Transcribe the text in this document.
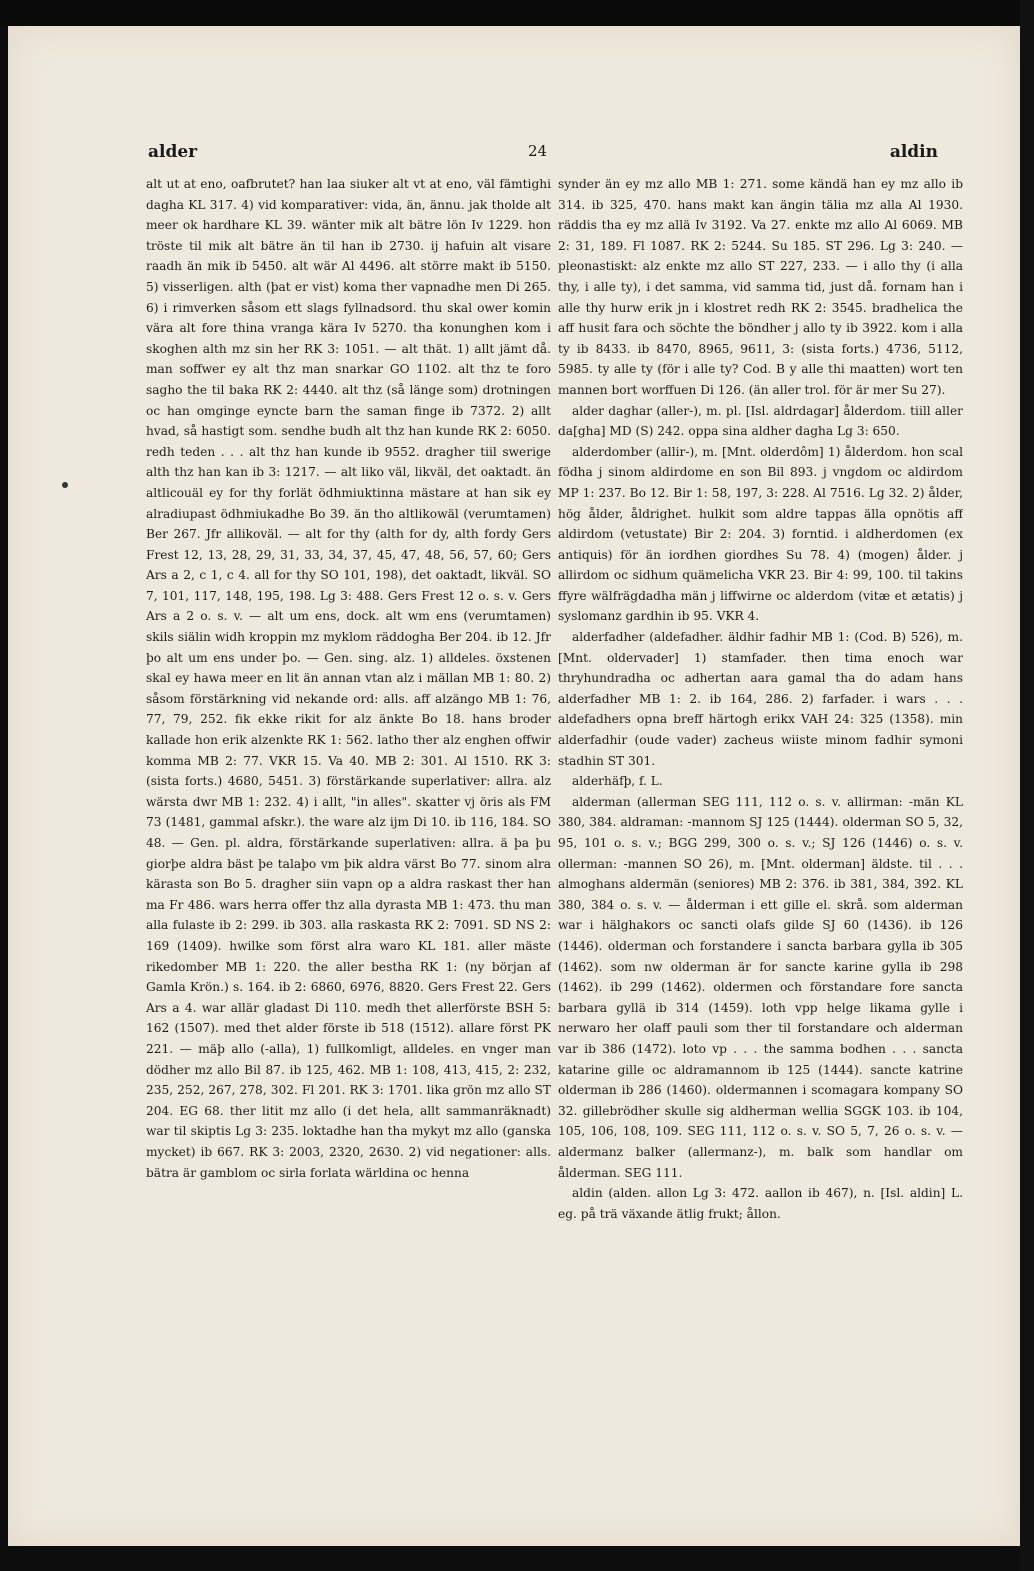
alder	24	aldin

alt ut at eno, oafbrutet? han laa siuker alt vt at eno, väl fämtighi dagha KL 317. 4) vid komparativer: vida, än, ännu. jak tholde alt meer ok hardhare KL 39. wänter mik alt bätre lön Iv 1229. hon tröste til mik alt bätre än til han ib 2730. ij hafuin alt visare raadh än mik ib 5450. alt wär Al 4496. alt större makt ib 5150. 5) visserligen. alth (þat er vist) koma ther vapnadhe men Di 265. 6) i rimverken såsom ett slags fyllnadsord. thu skal ower komin vära alt fore thina vranga kära Iv 5270. tha konunghen kom i skoghen alth mz sin her RK 3: 1051. — alt thät. 1) allt jämt då. man soffwer ey alt thz man snarkar GO 1102. alt thz te foro sagho the til baka RK 2: 4440. alt thz (så länge som) drotningen oc han omginge eyncte barn the saman finge ib 7372. 2) allt hvad, så hastigt som. sendhe budh alt thz han kunde RK 2: 6050. redh teden . . . alt thz han kunde ib 9552. dragher tiil swerige alth thz han kan ib 3: 1217. — alt liko väl, likväl, det oaktadt. än altlicouäl ey for thy forlät ödhmiuktinna mästare at han sik ey alradiupast ödhmiukadhe Bo 39. än tho altlikowäl (verumtamen) Ber 267. Jfr allikoväl. — alt for thy (alth for dy, alth fordy Gers Frest 12, 13, 28, 29, 31, 33, 34, 37, 45, 47, 48, 56, 57, 60; Gers Ars a 2, c 1, c 4. all for thy SO 101, 198), det oaktadt, likväl. SO 7, 101, 117, 148, 195, 198. Lg 3: 488. Gers Frest 12 o. s. v. Gers Ars a 2 o. s. v. — alt um ens, dock. alt wm ens (verumtamen) skils siälin widh kroppin mz myklom räddogha Ber 204. ib 12. Jfr þo alt um ens under þo. — Gen. sing. alz. 1) alldeles. öxstenen skal ey hawa meer en lit än annan vtan alz i mällan MB 1: 80. 2) såsom förstärkning vid nekande ord: alls. aff alzängo MB 1: 76, 77, 79, 252. fik ekke rikit for alz änkte Bo 18. hans broder kallade hon erik alzenkte RK 1: 562. latho ther alz enghen offwir komma MB 2: 77. VKR 15. Va 40. MB 2: 301. Al 1510. RK 3: (sista forts.) 4680, 5451. 3) förstärkande superlativer: allra. alz wärsta dwr MB 1: 232. 4) i allt, "in alles". skatter vj öris als FM 73 (1481, gammal afskr.). the ware alz ijm Di 10. ib 116, 184. SO 48. — Gen. pl. aldra, förstärkande superlativen: allra. ä þa þu giorþe aldra bäst þe talaþo vm þik aldra värst Bo 77. sinom alra kärasta son Bo 5. dragher siin vapn op a aldra raskast ther han ma Fr 486. wars herra offer thz alla dyrasta MB 1: 473. thu man alla fulaste ib 2: 299. ib 303. alla raskasta RK 2: 7091. SD NS 2: 169 (1409). hwilke som först alra waro KL 181. aller mäste rikedomber MB 1: 220. the aller bestha RK 1: (ny början af Gamla Krön.) s. 164. ib 2: 6860, 6976, 8820. Gers Frest 22. Gers Ars a 4. war allär gladast Di 110. medh thet allerförste BSH 5: 162 (1507). med thet alder förste ib 518 (1512). allare först PK 221. — mäþ allo (-alla), 1) fullkomligt, alldeles. en vnger man dödher mz allo Bil 87. ib 125, 462. MB 1: 108, 413, 415, 2: 232, 235, 252, 267, 278, 302. Fl 201. RK 3: 1701. lika grön mz allo ST 204. EG 68. ther litit mz allo (i det hela, allt sammanräknadt) war til skiptis Lg 3: 235. loktadhe han tha mykyt mz allo (ganska mycket) ib 667. RK 3: 2003, 2320, 2630. 2) vid negationer: alls. bätra är gamblom oc sirla forlata wärldina oc henna

synder än ey mz allo MB 1: 271. some kändä han ey mz allo ib 314. ib 325, 470. hans makt kan ängin tälia mz alla Al 1930. räddis tha ey mz allä Iv 3192. Va 27. enkte mz allo Al 6069. MB 2: 31, 189. Fl 1087. RK 2: 5244. Su 185. ST 296. Lg 3: 240. — pleonastiskt: alz enkte mz allo ST 227, 233. — i allo thy (i alla thy, i alle ty), i det samma, vid samma tid, just då. fornam han i alle thy hurw erik jn i klostret redh RK 2: 3545. bradhelica the aff husit fara och söchte the böndher j allo ty ib 3922. kom i alla ty ib 8433. ib 8470, 8965, 9611, 3: (sista forts.) 4736, 5112, 5985. ty alle ty (för i alle ty? Cod. B y alle thi maatten) wort ten mannen bort worffuen Di 126. (än aller trol. för är mer Su 27).

alder daghar (aller-), m. pl. [Isl. aldrdagar] ålderdom. tiill aller da[gha] MD (S) 242. oppa sina aldher dagha Lg 3: 650.

alderdomber (allir-), m. [Mnt. olderdôm] 1) ålderdom. hon scal födha j sinom aldirdome en son Bil 893. j vngdom oc aldirdom MP 1: 237. Bo 12. Bir 1: 58, 197, 3: 228. Al 7516. Lg 32. 2) ålder, hög ålder, åldrighet. hulkit som aldre tappas älla opnötis aff aldirdom (vetustate) Bir 2: 204. 3) forntid. i aldherdomen (ex antiquis) för än iordhen giordhes Su 78. 4) (mogen) ålder. j allirdom oc sidhum quämelicha VKR 23. Bir 4: 99, 100. til takins ffyre wälfrägdadha män j liffwirne oc alderdom (vitæ et ætatis) j syslomanz gardhin ib 95. VKR 4.

alderfadher (aldefadher. äldhir fadhir MB 1: (Cod. B) 526), m. [Mnt. oldervader] 1) stamfader. then tima enoch war thryhundradha oc adhertan aara gamal tha do adam hans alderfadher MB 1: 2. ib 164, 286. 2) farfader. i wars . . . aldefadhers opna breff härtogh erikx VAH 24: 325 (1358). min alderfadhir (oude vader) zacheus wiiste minom fadhir symoni stadhin ST 301.

alderhäfþ, f. L.

alderman (allerman SEG 111, 112 o. s. v. allirman: -män KL 380, 384. aldraman: -mannom SJ 125 (1444). olderman SO 5, 32, 95, 101 o. s. v.; BGG 299, 300 o. s. v.; SJ 126 (1446) o. s. v. ollerman: -mannen SO 26), m. [Mnt. olderman] äldste. til . . . almoghans aldermän (seniores) MB 2: 376. ib 381, 384, 392. KL 380, 384 o. s. v. — ålderman i ett gille el. skrå. som alderman war i hälghakors oc sancti olafs gilde SJ 60 (1436). ib 126 (1446). olderman och forstandere i sancta barbara gylla ib 305 (1462). som nw olderman är for sancte karine gylla ib 298 (1462). ib 299 (1462). oldermen och förstandare fore sancta barbara gyllä ib 314 (1459). loth vpp helge likama gylle i nerwaro her olaff pauli som ther til forstandare och alderman var ib 386 (1472). loto vp . . . the samma bodhen . . . sancta katarine gille oc aldramannom ib 125 (1444). sancte katrine olderman ib 286 (1460). oldermannen i scomagara kompany SO 32. gillebrödher skulle sig aldherman wellia SGGK 103. ib 104, 105, 106, 108, 109. SEG 111, 112 o. s. v. SO 5, 7, 26 o. s. v. — aldermanz balker (allermanz-), m. balk som handlar om ålderman. SEG 111.

aldin (alden. allon Lg 3: 472. aallon ib 467), n. [Isl. aldin] L. eg. på trä växande ätlig frukt; ållon.
